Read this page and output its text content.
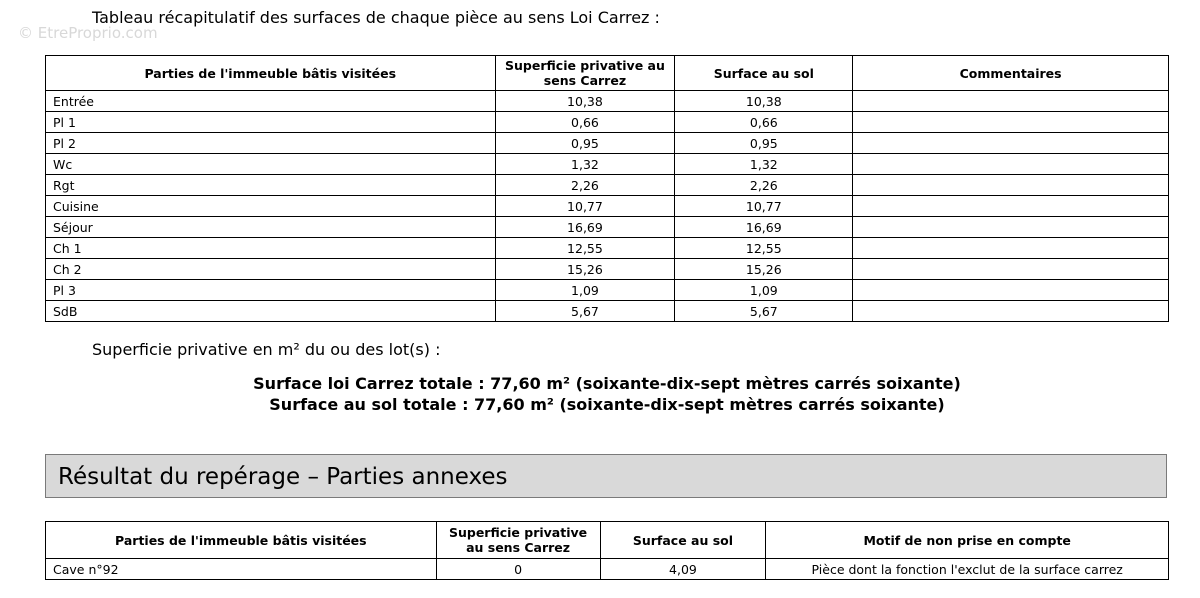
© EtreProprio.com
Tableau récapitulatif des surfaces de chaque pièce au sens Loi Carrez :
Parties de l'immeuble bâtis visitées	Superficie privative au sens Carrez	Surface au sol	Commentaires
Entrée	10,38	10,38	
Pl 1	0,66	0,66	
Pl 2	0,95	0,95	
Wc	1,32	1,32	
Rgt	2,26	2,26	
Cuisine	10,77	10,77	
Séjour	16,69	16,69	
Ch 1	12,55	12,55	
Ch 2	15,26	15,26	
Pl 3	1,09	1,09	
SdB	5,67	5,67	
Superficie privative en m² du ou des lot(s) :
Surface loi Carrez totale : 77,60 m² (soixante-dix-sept mètres carrés soixante)
Surface au sol totale : 77,60 m² (soixante-dix-sept mètres carrés soixante)
Résultat du repérage – Parties annexes
Parties de l'immeuble bâtis visitées	Superficie privative au sens Carrez	Surface au sol	Motif de non prise en compte
Cave n°92	0	4,09	Pièce dont la fonction l'exclut de la surface carrez
